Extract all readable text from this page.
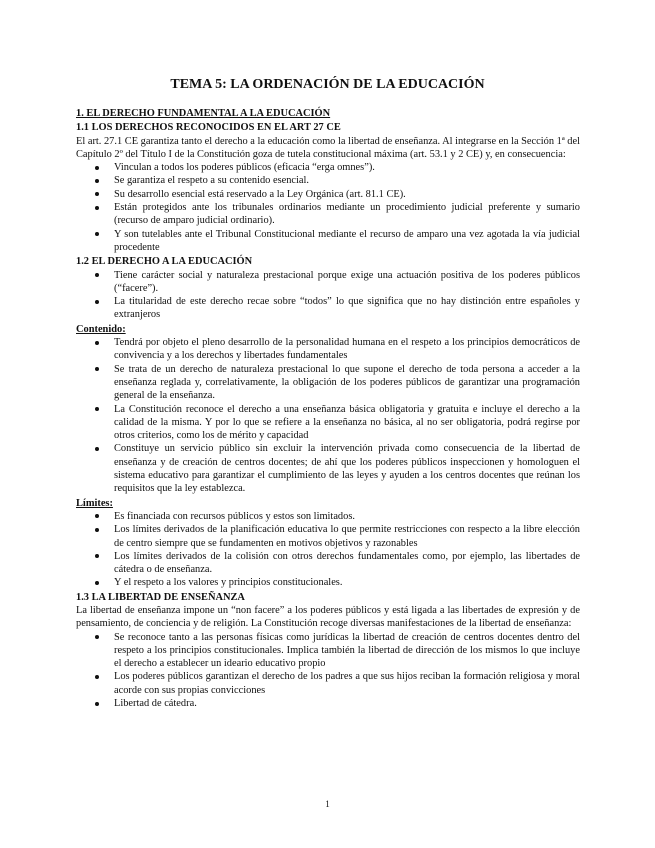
TEMA 5: LA ORDENACIÓN DE LA EDUCACIÓN
1. EL DERECHO FUNDAMENTAL A LA EDUCACIÓN
1.1 LOS DERECHOS RECONOCIDOS EN EL ART 27 CE

El art. 27.1 CE garantiza tanto el derecho a la educación como la libertad de enseñanza. Al integrarse en la Sección 1ª del Capítulo 2º del Título I de la Constitución goza de tutela constitucional máxima (art. 53.1 y 2 CE) y, en consecuencia:

Vinculan a todos los poderes públicos (eficacia “erga omnes”).
Se garantiza el respeto a su contenido esencial.
Su desarrollo esencial está reservado a la Ley Orgánica (art. 81.1 CE).
Están protegidos ante los tribunales ordinarios mediante un procedimiento judicial preferente y sumario (recurso de amparo judicial ordinario).
Y son tutelables ante el Tribunal Constitucional mediante el recurso de amparo una vez agotada la vía judicial procedente
1.2 EL DERECHO A LA EDUCACIÓN
Tiene carácter social y naturaleza prestacional porque exige una actuación positiva de los poderes públicos (“facere”).
La titularidad de este derecho recae sobre “todos” lo que significa que no hay distinción entre españoles y extranjeros
Contenido:
Tendrá por objeto el pleno desarrollo de la personalidad humana en el respeto a los principios democráticos de convivencia y a los derechos y libertades fundamentales
Se trata de un derecho de naturaleza prestacional lo que supone el derecho de toda persona a acceder a la enseñanza reglada y, correlativamente, la obligación de los poderes públicos de garantizar una programación general de la enseñanza.
La Constitución reconoce el derecho a una enseñanza básica obligatoria y gratuita e incluye el derecho a la calidad de la misma. Y por lo que se refiere a la enseñanza no básica, al no ser obligatoria, podrá regirse por otros criterios, como los de mérito y capacidad
Constituye un servicio público sin excluir la intervención privada como consecuencia de la libertad de enseñanza y de creación de centros docentes; de ahí que los poderes públicos inspeccionen y homologuen el sistema educativo para garantizar el cumplimiento de las leyes y ayuden a los centros docentes que reúnan los requisitos que la ley establezca.
Límites:
Es financiada con recursos públicos y estos son limitados.
Los límites derivados de la planificación educativa lo que permite restricciones con respecto a la libre elección de centro siempre que se fundamenten en motivos objetivos y razonables
Los límites derivados de la colisión con otros derechos fundamentales como, por ejemplo, las libertades de cátedra o de enseñanza.
Y el respeto a los valores y principios constitucionales.
1.3 LA LIBERTAD DE ENSEÑANZA

La libertad de enseñanza impone un “non facere” a los poderes públicos y está ligada a las libertades de expresión y de pensamiento, de conciencia y de religión. La Constitución recoge diversas manifestaciones de la libertad de enseñanza:

Se reconoce tanto a las personas físicas como jurídicas la libertad de creación de centros docentes dentro del respeto a los principios constitucionales. Implica también la libertad de dirección de los mismos lo que incluye el derecho a establecer un ideario educativo propio
Los poderes públicos garantizan el derecho de los padres a que sus hijos reciban la formación religiosa y moral acorde con sus propias convicciones
Libertad de cátedra.
1
